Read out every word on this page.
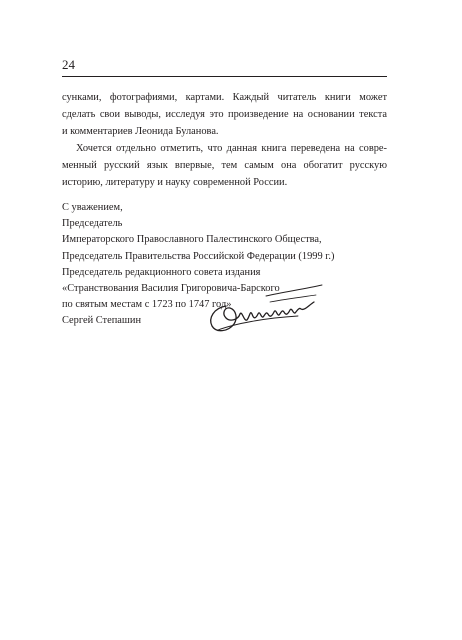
24

сунками, фотографиями, картами. Каждый читатель книги может
сделать свои выводы, исследуя это произведение на основании текста
и комментариев Леонида Буланова.

Хочется отдельно отметить, что данная книга переведена на совре-
менный русский язык впервые, тем самым она обогатит русскую
историю, литературу и науку современной России.

С уважением,
Председатель
Императорского Православного Палестинского Общества,
Председатель Правительства Российской Федерации (1999 г.)
Председатель редакционного совета издания
«Странствования Василия Григоровича-Барского
по святым местам с 1723 по 1747 год»
Сергей Степашин
